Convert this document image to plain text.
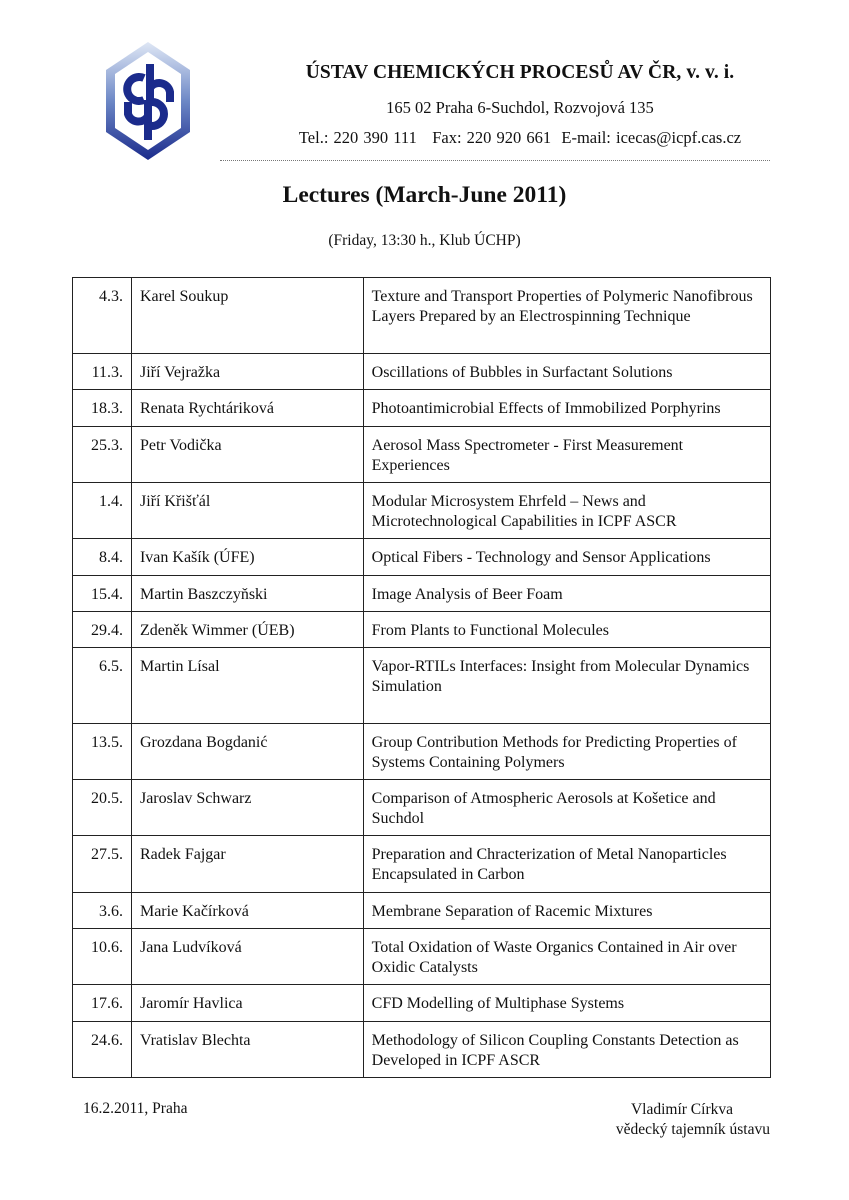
ÚSTAV CHEMICKÝCH PROCESŮ AV ČR, v. v. i.
165 02 Praha 6-Suchdol, Rozvojová 135
Tel.: 220 390 111   Fax: 220 920 661  E-mail: icecas@icpf.cas.cz
Lectures (March-June 2011)
(Friday, 13:30 h., Klub ÚCHP)
4.3.	Karel Soukup	Texture and Transport Properties of Polymeric Nanofibrous Layers Prepared by an Electrospinning Technique
11.3.	Jiří Vejražka	Oscillations of Bubbles in Surfactant Solutions
18.3.	Renata Rychtáriková	Photoantimicrobial Effects of Immobilized Porphyrins
25.3.	Petr Vodička	Aerosol Mass Spectrometer - First Measurement Experiences
1.4.	Jiří Křišťál	Modular Microsystem Ehrfeld – News and Microtechnological Capabilities in ICPF ASCR
8.4.	Ivan Kašík (ÚFE)	Optical Fibers - Technology and Sensor Applications
15.4.	Martin Baszczyňski	Image Analysis of Beer Foam
29.4.	Zdeněk Wimmer (ÚEB)	From Plants to Functional Molecules
6.5.	Martin Lísal	Vapor-RTILs Interfaces: Insight from Molecular Dynamics Simulation
13.5.	Grozdana Bogdanić	Group Contribution Methods for Predicting Properties of Systems Containing Polymers
20.5.	Jaroslav Schwarz	Comparison of Atmospheric Aerosols at Košetice and Suchdol
27.5.	Radek Fajgar	Preparation and Chracterization of Metal Nanoparticles Encapsulated in Carbon
3.6.	Marie Kačírková	Membrane Separation of Racemic Mixtures
10.6.	Jana Ludvíková	Total Oxidation of Waste Organics Contained in Air over Oxidic Catalysts
17.6.	Jaromír Havlica	CFD Modelling of Multiphase Systems
24.6.	Vratislav Blechta	Methodology of Silicon Coupling Constants Detection as Developed in ICPF ASCR
16.2.2011, Praha	Vladimír Církva
vědecký tajemník ústavu
